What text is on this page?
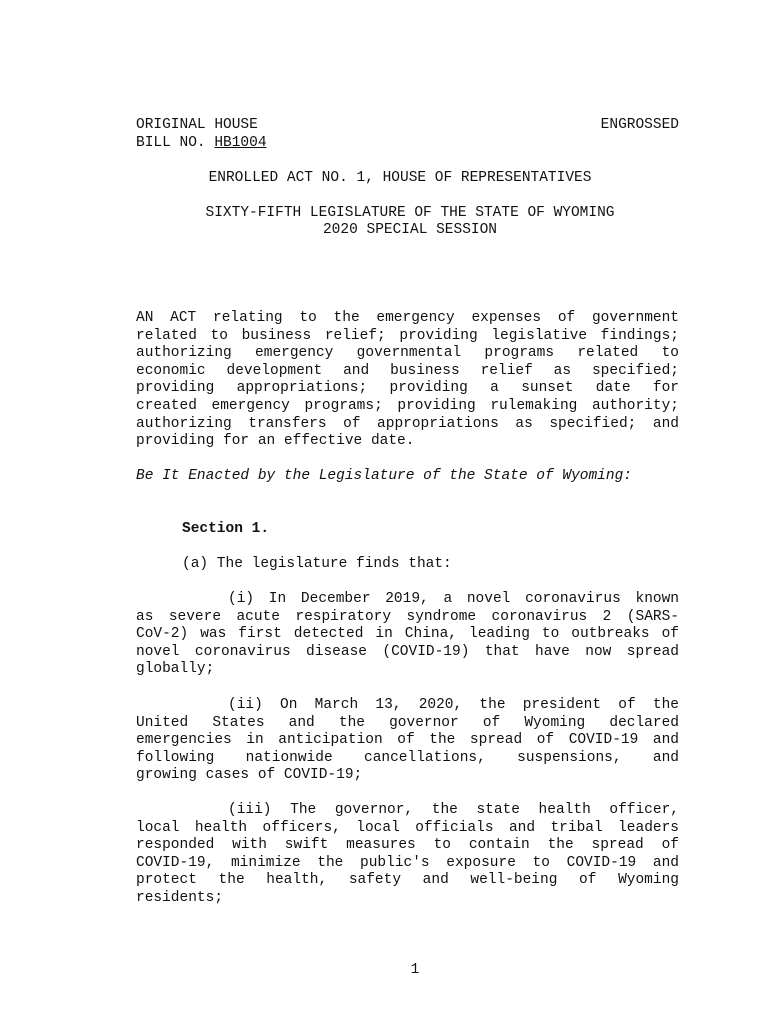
ORIGINAL HOUSE	ENGROSSED
BILL NO. HB1004
ENROLLED ACT NO. 1, HOUSE OF REPRESENTATIVES
SIXTY-FIFTH LEGISLATURE OF THE STATE OF WYOMING
2020 SPECIAL SESSION
AN ACT relating to the emergency expenses of government
related to business relief; providing legislative findings;
authorizing emergency governmental programs related to
economic development and business relief as specified;
providing appropriations; providing a sunset date for
created emergency programs; providing rulemaking authority;
authorizing transfers of appropriations as specified; and
providing for an effective date.
Be It Enacted by the Legislature of the State of Wyoming:
Section 1.
(a) The legislature finds that:
(i) In December 2019, a novel coronavirus known
as severe acute respiratory syndrome coronavirus 2 (SARS-
CoV-2) was first detected in China, leading to outbreaks of
novel coronavirus disease (COVID-19) that have now spread
globally;
(ii) On March 13, 2020, the president of the
United States and the governor of Wyoming declared
emergencies in anticipation of the spread of COVID-19 and
following nationwide cancellations, suspensions, and
growing cases of COVID-19;
(iii) The governor, the state health officer,
local health officers, local officials and tribal leaders
responded with swift measures to contain the spread of
COVID-19, minimize the public's exposure to COVID-19 and
protect the health, safety and well-being of Wyoming
residents;
1
